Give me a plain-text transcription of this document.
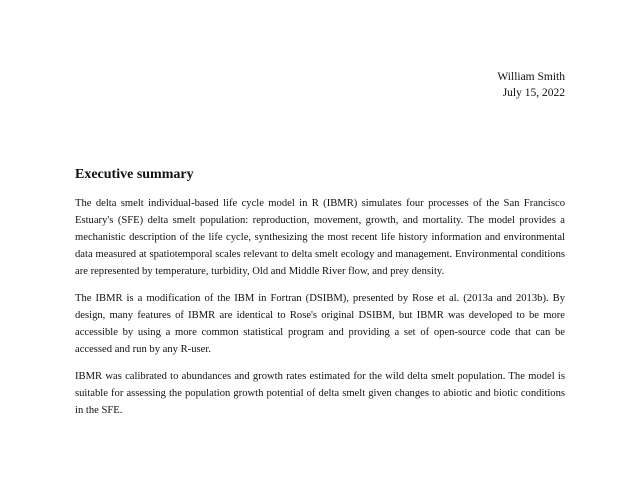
William Smith
July 15, 2022
Executive summary

The delta smelt individual-based life cycle model in R (IBMR) simulates four processes of the San Francisco Estuary's (SFE) delta smelt population: reproduction, movement, growth, and mortality. The model provides a mechanistic description of the life cycle, synthesizing the most recent life history information and environmental data measured at spatiotemporal scales relevant to delta smelt ecology and management. Environmental conditions are represented by temperature, turbidity, Old and Middle River flow, and prey density.

The IBMR is a modification of the IBM in Fortran (DSIBM), presented by Rose et al. (2013a and 2013b). By design, many features of IBMR are identical to Rose's original DSIBM, but IBMR was developed to be more accessible by using a more common statistical program and providing a set of open-source code that can be accessed and run by any R-user.

IBMR was calibrated to abundances and growth rates estimated for the wild delta smelt population. The model is suitable for assessing the population growth potential of delta smelt given changes to abiotic and biotic conditions in the SFE.
